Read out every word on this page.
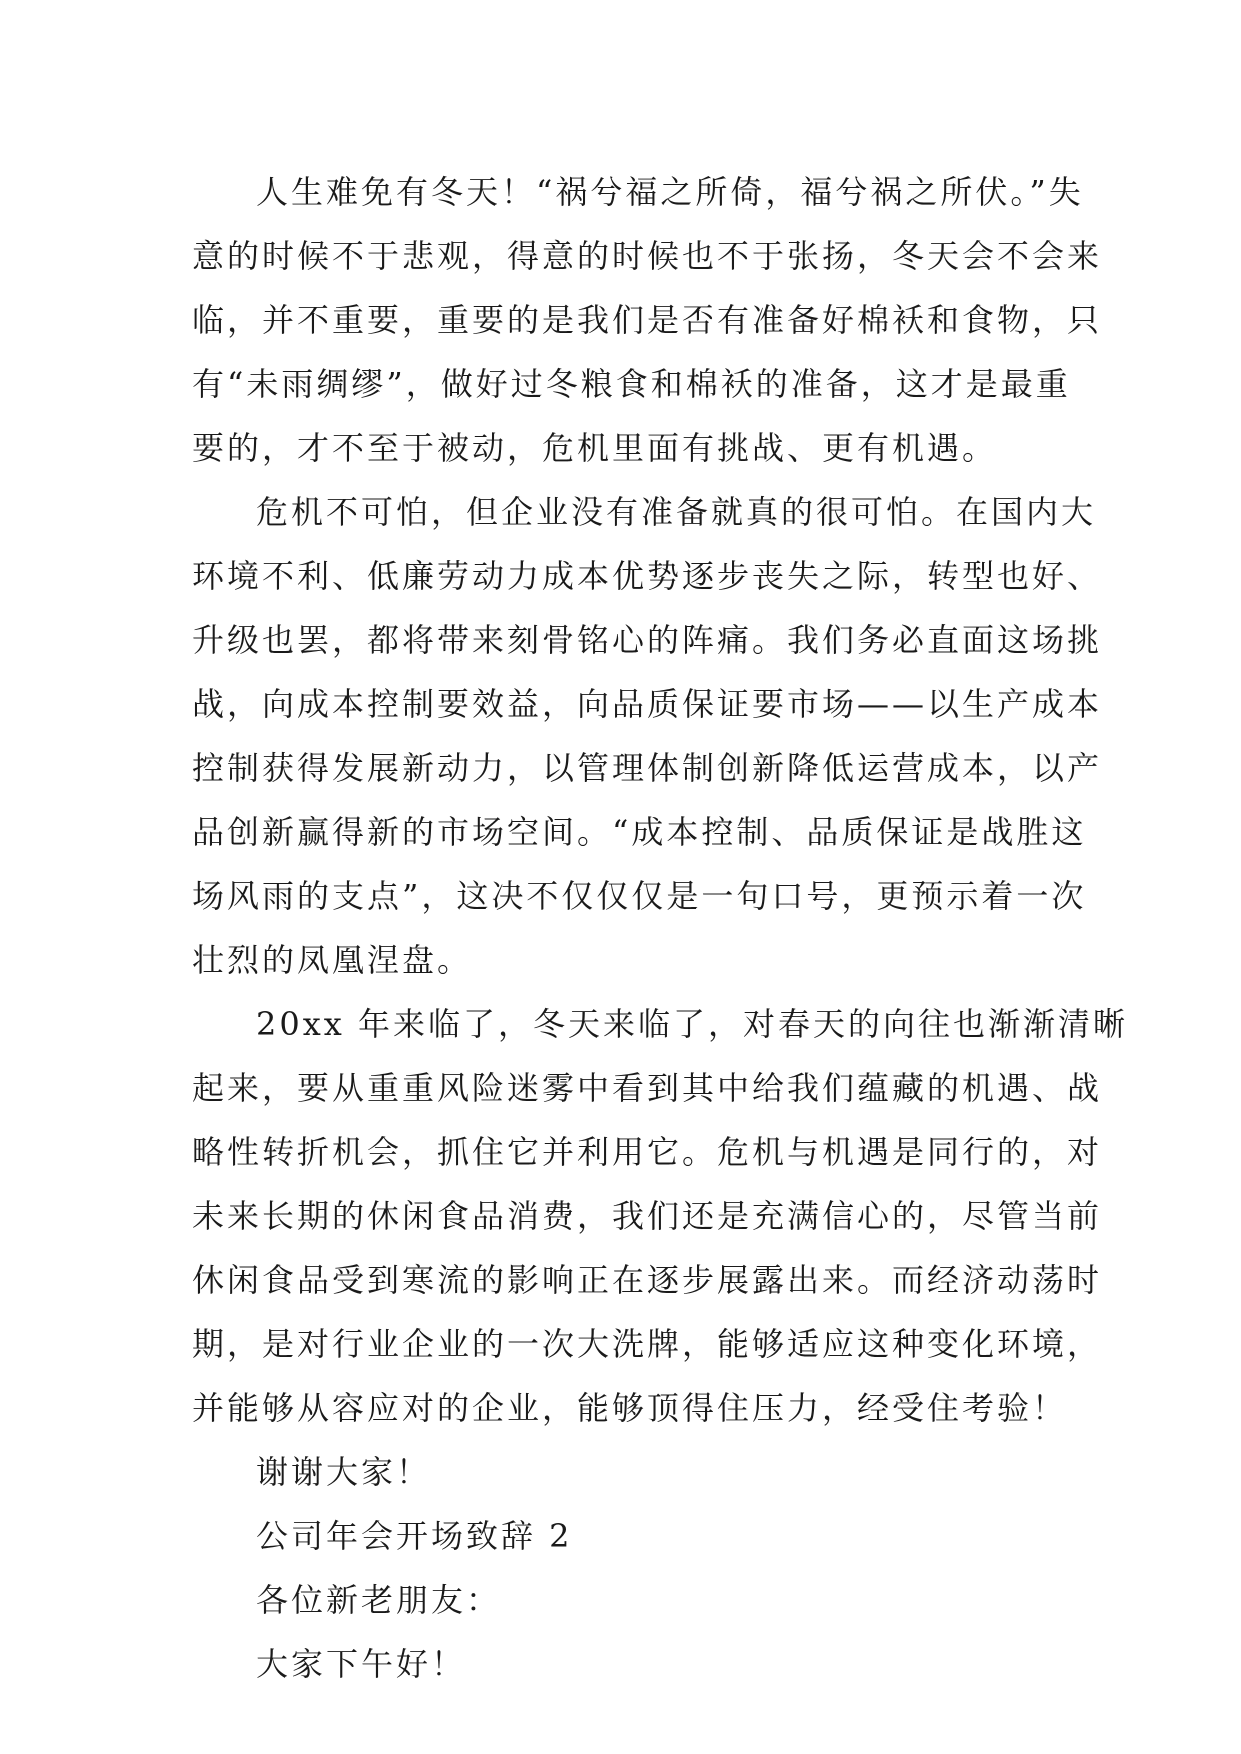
人生难免有冬天！“祸兮福之所倚，福兮祸之所伏。”失
意的时候不于悲观，得意的时候也不于张扬，冬天会不会来
临，并不重要，重要的是我们是否有准备好棉袄和食物，只
有“未雨绸缪”，做好过冬粮食和棉袄的准备，这才是最重
要的，才不至于被动，危机里面有挑战、更有机遇。
危机不可怕，但企业没有准备就真的很可怕。在国内大
环境不利、低廉劳动力成本优势逐步丧失之际，转型也好、
升级也罢，都将带来刻骨铭心的阵痛。我们务必直面这场挑
战，向成本控制要效益，向品质保证要市场——以生产成本
控制获得发展新动力，以管理体制创新降低运营成本，以产
品创新赢得新的市场空间。“成本控制、品质保证是战胜这
场风雨的支点”，这决不仅仅仅是一句口号，更预示着一次
壮烈的凤凰涅盘。
20xx 年来临了，冬天来临了，对春天的向往也渐渐清晰
起来，要从重重风险迷雾中看到其中给我们蕴藏的机遇、战
略性转折机会，抓住它并利用它。危机与机遇是同行的，对
未来长期的休闲食品消费，我们还是充满信心的，尽管当前
休闲食品受到寒流的影响正在逐步展露出来。而经济动荡时
期，是对行业企业的一次大洗牌，能够适应这种变化环境，
并能够从容应对的企业，能够顶得住压力，经受住考验！

谢谢大家！

公司年会开场致辞 2

各位新老朋友：

大家下午好！
